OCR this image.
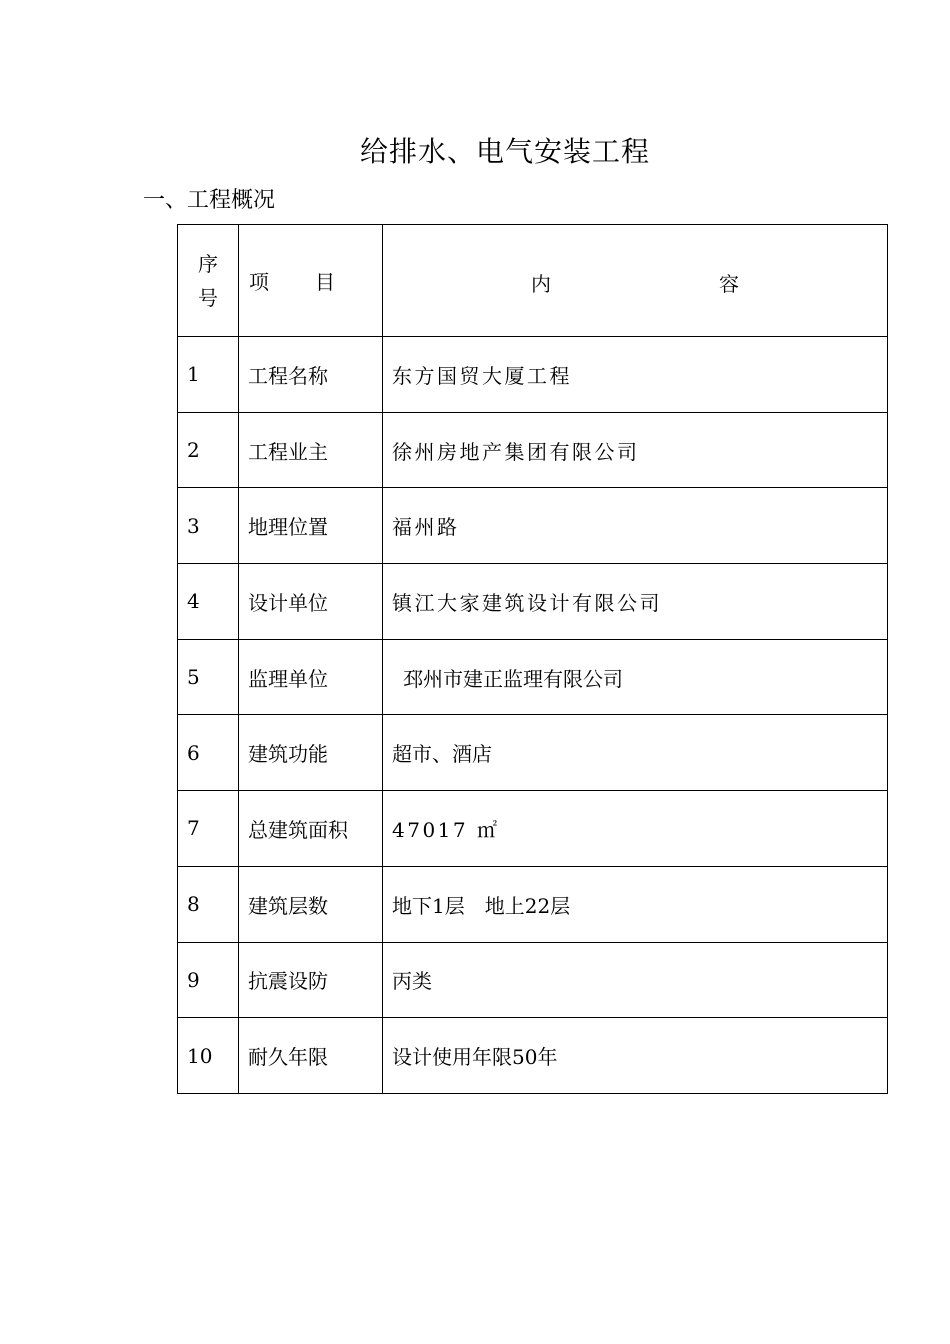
给排水、电气安装工程
一、工程概况
序
号	项 目	内 容

1	工程名称	东方国贸大厦工程
2	工程业主	徐州房地产集团有限公司
3	地理位置	福州路
4	设计单位	镇江大家建筑设计有限公司
5	监理单位	邳州市建正监理有限公司
6	建筑功能	超市、酒店
7	总建筑面积	47017 ㎡
8	建筑层数	地下1层　地上22层
9	抗震设防	丙类
10	耐久年限	设计使用年限50年
